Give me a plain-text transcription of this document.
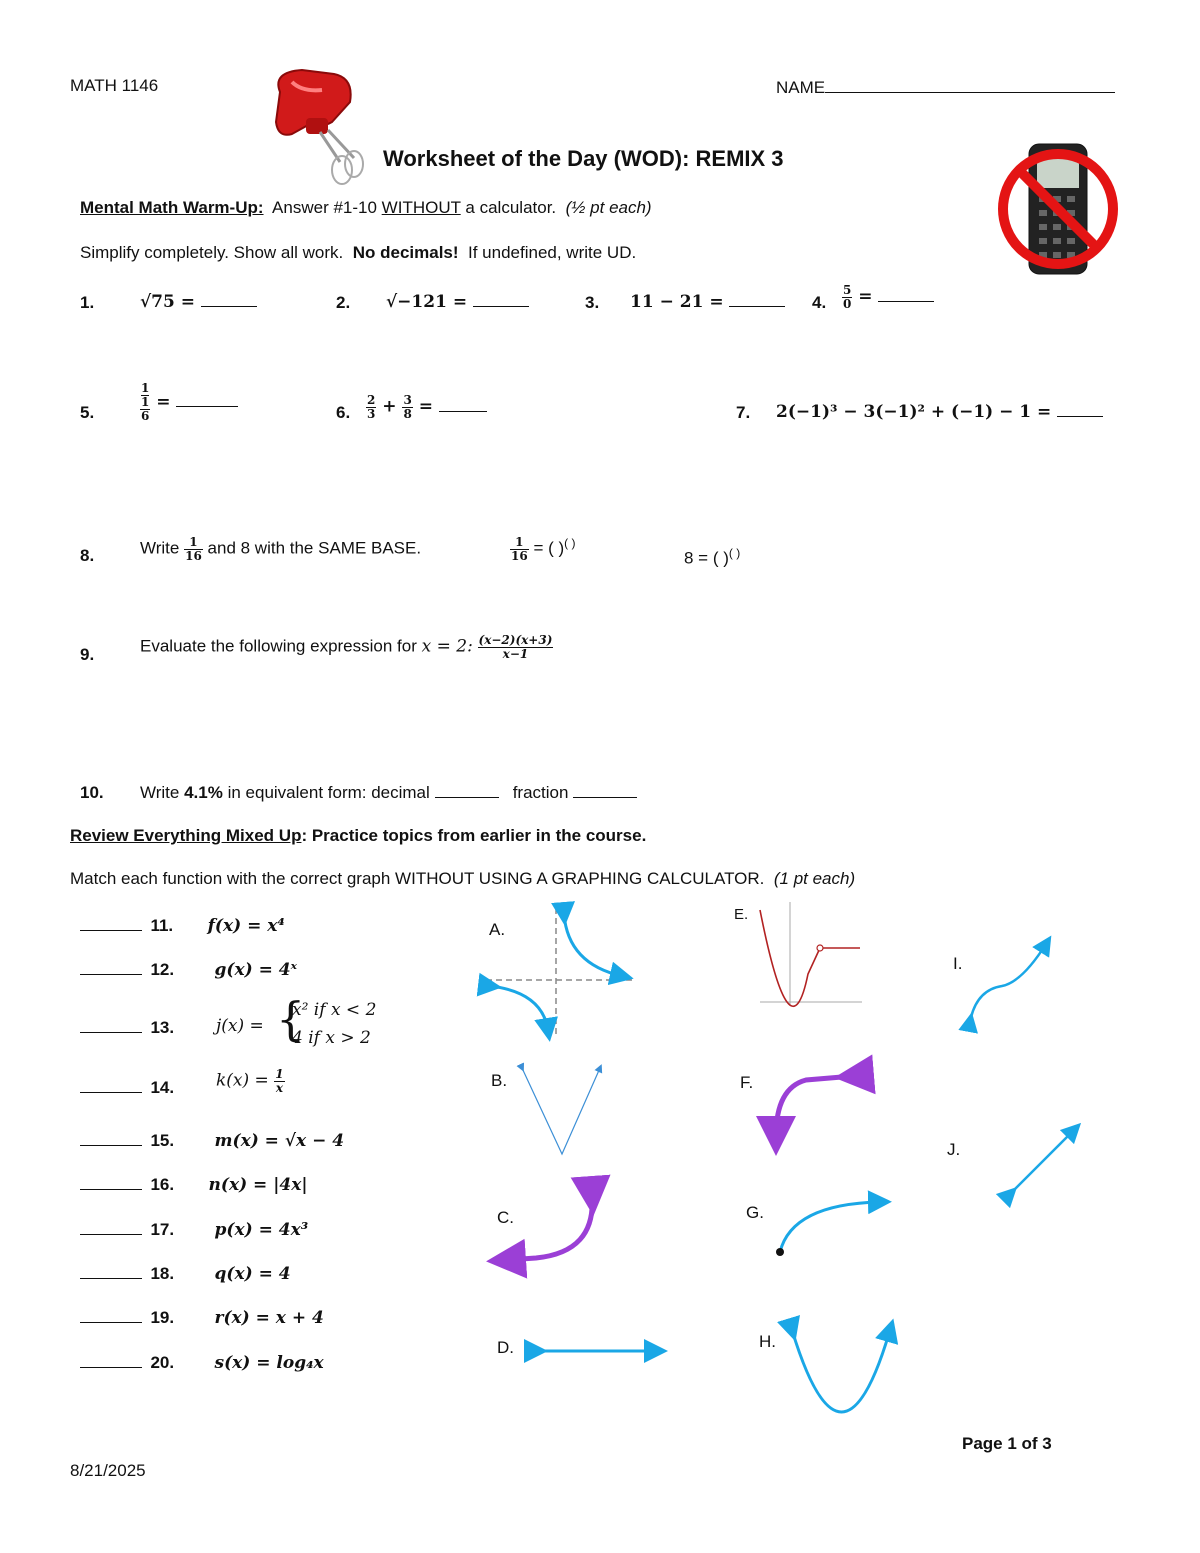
MATH 1146	NAME
Worksheet of the Day (WOD): REMIX 3
Mental Math Warm-Up: Answer #1-10 WITHOUT a calculator. (½ pt each)
Simplify completely. Show all work. No decimals! If undefined, write UD.
1.	√75 =	2. √−121 =	3. 11 − 21 =	4. $\frac{5}{0}$ =
5.
1
1
6
=
6. $\frac{2}{3} + \frac{3}{8}$ =	7. 2(−1)³ − 3(−1)² + (−1) − 1 =
8.	Write $\frac{1}{16}$ and 8 with the SAME BASE.	$\frac{1}{16}$ = ( )( )
8 = ( )( )
9.	Evaluate the following expression for x = 2: $\frac{(x-2)(x+3)}{x-1}$
10. Write 4.1% in equivalent form: decimal	fraction
Review Everything Mixed Up: Practice topics from earlier in the course.
Match each function with the correct graph WITHOUT USING A GRAPHING CALCULATOR. (1 pt each)
11. f(x) = x⁴
12. g(x) = 4ˣ
13. j(x) = {
x² if x < 2
4 if x > 2
14. $k(x) = \frac{1}{x}$
15. m(x) = √x − 4
16. n(x) = |4x|
17. p(x) = 4x³
18. q(x) = 4
19. r(x) = x + 4
20. s(x) = log₄x
A.
B.
C.
D.
E.
F.
G.
H.
I.
J.
Page 1 of 3
8/21/2025
